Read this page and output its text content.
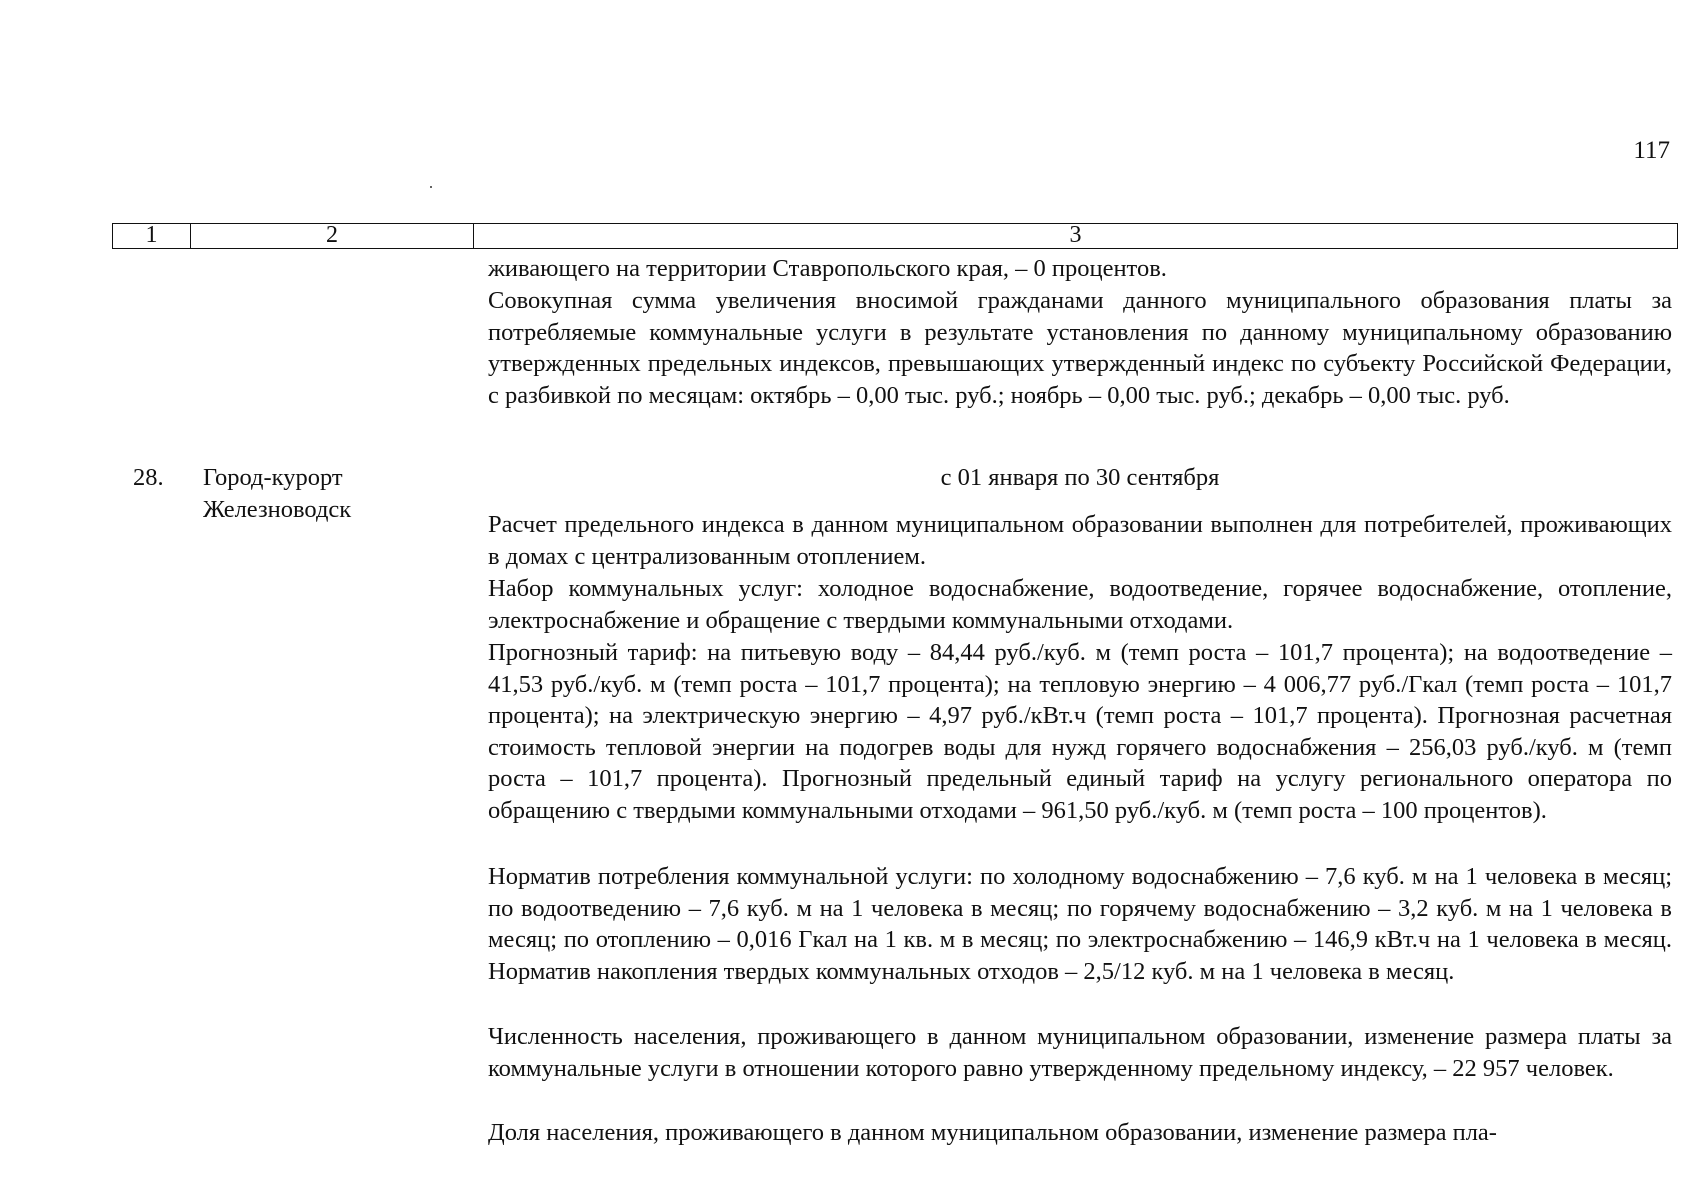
117
1	2	3

живающего на территории Ставропольского края, – 0 процентов.

Совокупная сумма увеличения вносимой гражданами данного муниципального образования платы за потребляемые коммунальные услуги в результате установления по данному муниципальному образованию утвержденных предельных индексов, превышающих утвержденный индекс по субъекту Российской Федерации, с разбивкой по месяцам: октябрь – 0,00 тыс. руб.; ноябрь – 0,00 тыс. руб.; декабрь – 0,00 тыс. руб.

28. Город-курорт Железноводск
с 01 января по 30 сентября

Расчет предельного индекса в данном муниципальном образовании выполнен для потребителей, проживающих в домах с централизованным отоплением.

Набор коммунальных услуг: холодное водоснабжение, водоотведение, горячее водоснабжение, отопление, электроснабжение и обращение с твердыми коммунальными отходами.

Прогнозный тариф: на питьевую воду – 84,44 руб./куб. м (темп роста – 101,7 процента); на водоотведение – 41,53 руб./куб. м (темп роста – 101,7 процента); на тепловую энергию – 4 006,77 руб./Гкал (темп роста – 101,7 процента); на электрическую энергию – 4,97 руб./кВт.ч (темп роста – 101,7 процента). Прогнозная расчетная стоимость тепловой энергии на подогрев воды для нужд горячего водоснабжения – 256,03 руб./куб. м (темп роста – 101,7 процента). Прогнозный предельный единый тариф на услугу регионального оператора по обращению с твердыми коммунальными отходами – 961,50 руб./куб. м (темп роста – 100 процентов).

Норматив потребления коммунальной услуги: по холодному водоснабжению – 7,6 куб. м на 1 человека в месяц; по водоотведению – 7,6 куб. м на 1 человека в месяц; по горячему водоснабжению – 3,2 куб. м на 1 человека в месяц; по отоплению – 0,016 Гкал на 1 кв. м в месяц; по электроснабжению – 146,9 кВт.ч на 1 человека в месяц. Норматив накопления твердых коммунальных отходов – 2,5/12 куб. м на 1 человека в месяц.

Численность населения, проживающего в данном муниципальном образовании, изменение размера платы за коммунальные услуги в отношении которого равно утвержденному предельному индексу, – 22 957 человек.

Доля населения, проживающего в данном муниципальном образовании, изменение размера пла-
